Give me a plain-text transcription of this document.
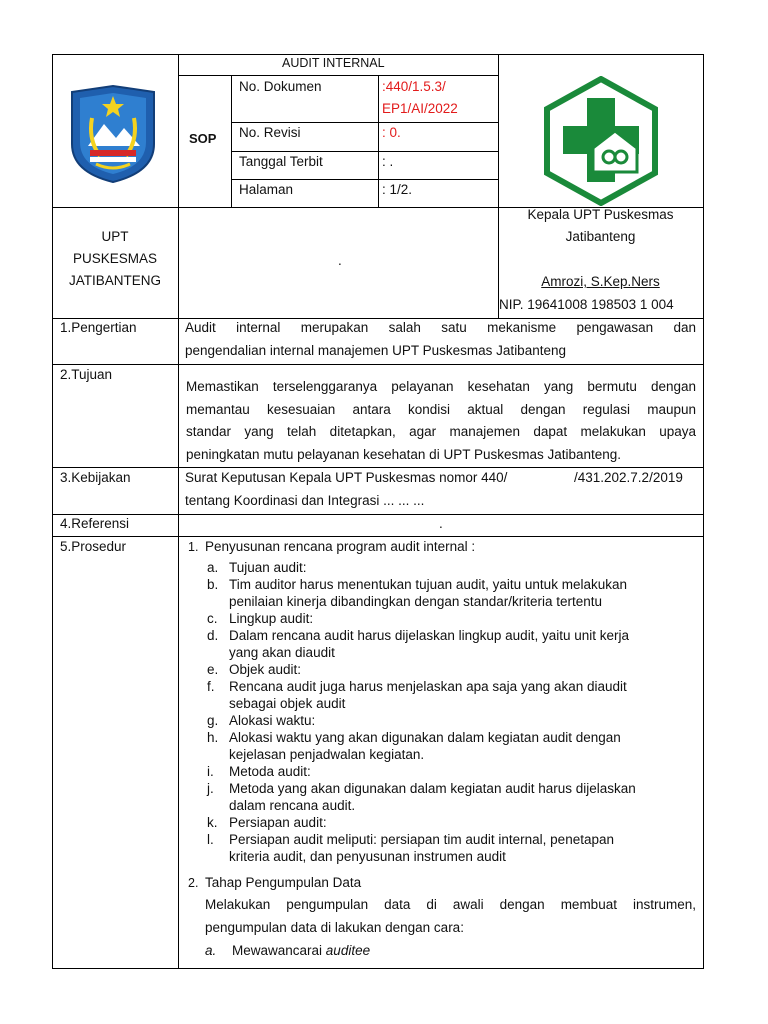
AUDIT INTERNAL
SOP
No. Dokumen	:440/1.5.3/
EP1/AI/2022
No. Revisi	: 0.
Tanggal Terbit	: .
Halaman	: 1/2.
UPT
PUSKESMAS
JATIBANTENG
.
Kepala UPT Puskesmas
Jatibanteng
Amrozi, S.Kep.Ners
NIP. 19641008 198503 1 004
1.Pengertian	Audit internal merupakan salah satu mekanisme pengawasan dan
pengendalian internal manajemen UPT Puskesmas Jatibanteng
2.Tujuan
Memastikan terselenggaranya pelayanan kesehatan yang bermutu dengan
memantau kesesuaian antara kondisi aktual dengan regulasi maupun
standar yang telah ditetapkan, agar manajemen dapat melakukan upaya
peningkatan mutu pelayanan kesehatan di UPT Puskesmas Jatibanteng.
3.Kebijakan	Surat Keputusan Kepala UPT Puskesmas nomor 440/	/431.202.7.2/2019
tentang Koordinasi dan Integrasi ... ... ...
4.Referensi	.
5.Prosedur	1. Penyusunan rencana program audit internal :
a. Tujuan audit:
b. Tim auditor harus menentukan tujuan audit, yaitu untuk melakukan
penilaian kinerja dibandingkan dengan standar/kriteria tertentu
c. Lingkup audit:
d. Dalam rencana audit harus dijelaskan lingkup audit, yaitu unit kerja
yang akan diaudit
e. Objek audit:
f. Rencana audit juga harus menjelaskan apa saja yang akan diaudit
sebagai objek audit
g. Alokasi waktu:
h. Alokasi waktu yang akan digunakan dalam kegiatan audit dengan
kejelasan penjadwalan kegiatan.
i. Metoda audit:
j. Metoda yang akan digunakan dalam kegiatan audit harus dijelaskan
dalam rencana audit.
k. Persiapan audit:
l. Persiapan audit meliputi: persiapan tim audit internal, penetapan
kriteria audit, dan penyusunan instrumen audit
2. Tahap Pengumpulan Data
Melakukan pengumpulan data di awali dengan membuat instrumen,
pengumpulan data di lakukan dengan cara:
a. Mewawancarai auditee
